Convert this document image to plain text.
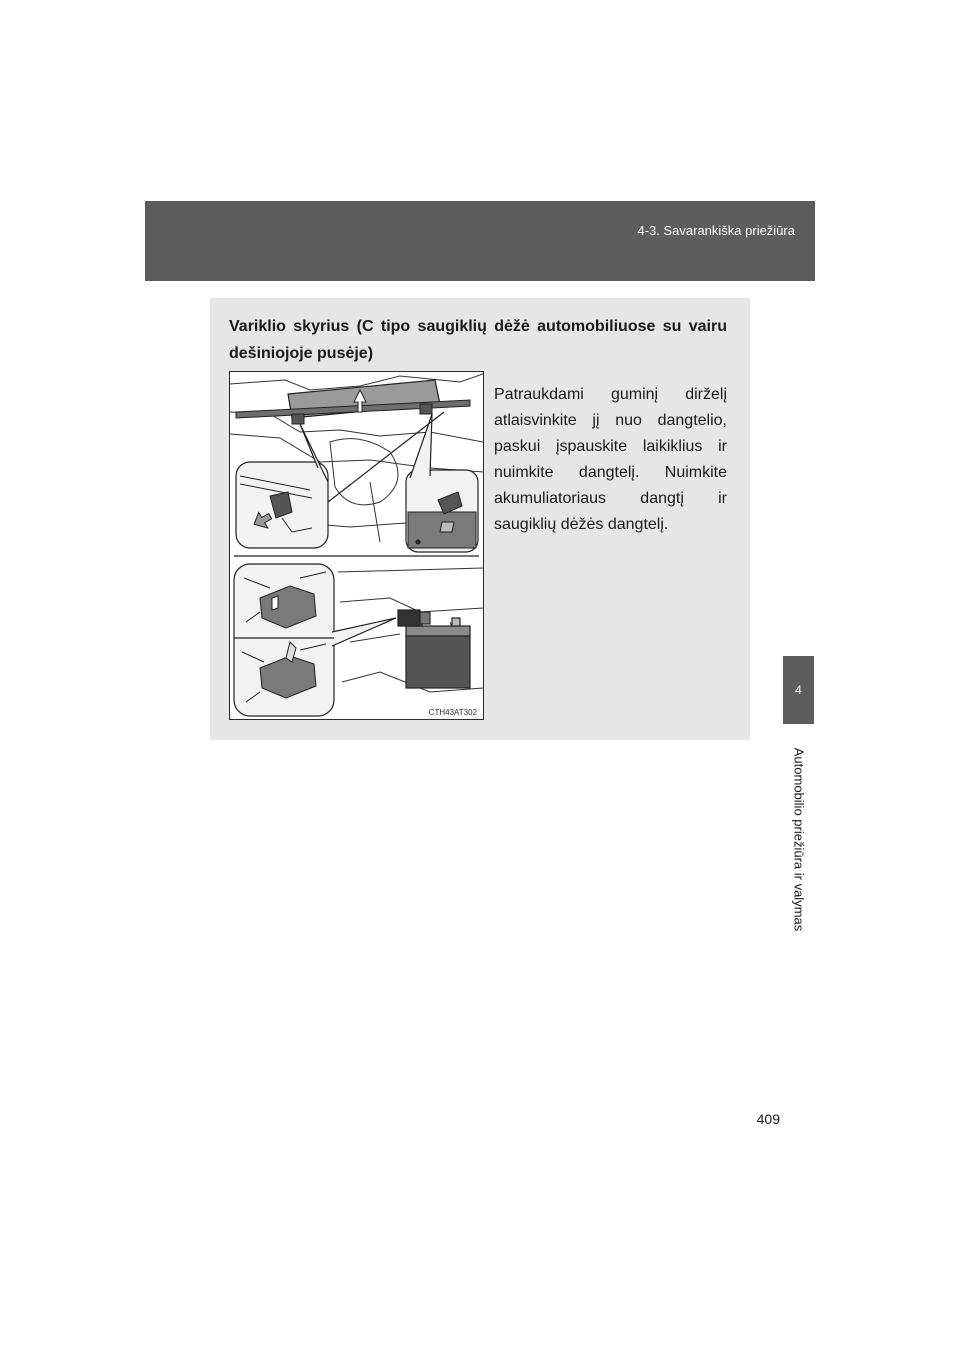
4-3. Savarankiška priežiūra
4
Automobilio priežiūra ir valymas
Variklio skyrius (C tipo saugiklių dėžė automobiliuose su vairu dešiniojoje pusėje)
CTH43AT302
Patraukdami guminį dirželį atlaisvinkite jį nuo dangtelio, paskui įspauskite laikiklius ir nuimkite dangtelį. Nuimkite akumuliatoriaus dangtį ir saugiklių dėžės dangtelį.
409
